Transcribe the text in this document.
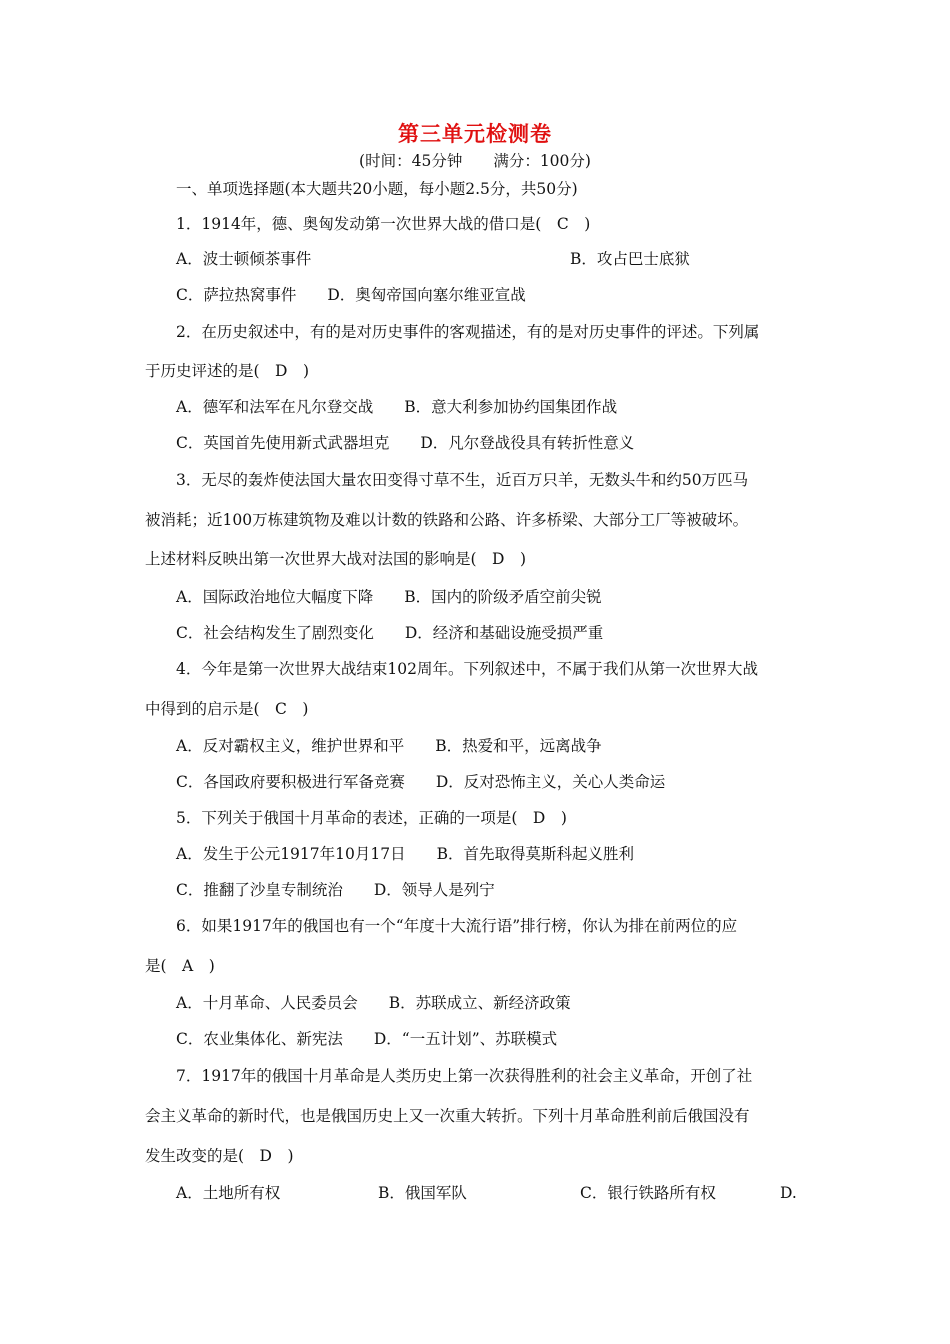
第三单元检测卷
(时间：45分钟　　满分：100分)
一、单项选择题(本大题共20小题，每小题2.5分，共50分)
1．1914年，德、奥匈发动第一次世界大战的借口是(　C　)
A．波士顿倾茶事件	B．攻占巴士底狱
C．萨拉热窝事件　　D．奥匈帝国向塞尔维亚宣战
2．在历史叙述中，有的是对历史事件的客观描述，有的是对历史事件的评述。下列属
于历史评述的是(　D　)
A．德军和法军在凡尔登交战　　B．意大利参加协约国集团作战
C．英国首先使用新式武器坦克　　D．凡尔登战役具有转折性意义
3．无尽的轰炸使法国大量农田变得寸草不生，近百万只羊，无数头牛和约50万匹马
被消耗；近100万栋建筑物及难以计数的铁路和公路、许多桥梁、大部分工厂等被破坏。
上述材料反映出第一次世界大战对法国的影响是(　D　)
A．国际政治地位大幅度下降　　B．国内的阶级矛盾空前尖锐
C．社会结构发生了剧烈变化　　D．经济和基础设施受损严重
4．今年是第一次世界大战结束102周年。下列叙述中，不属于我们从第一次世界大战
中得到的启示是(　C　)
A．反对霸权主义，维护世界和平　　B．热爱和平，远离战争
C．各国政府要积极进行军备竞赛　　D．反对恐怖主义，关心人类命运
5．下列关于俄国十月革命的表述，正确的一项是(　D　)
A．发生于公元1917年10月17日　　B．首先取得莫斯科起义胜利
C．推翻了沙皇专制统治　　D．领导人是列宁
6．如果1917年的俄国也有一个“年度十大流行语”排行榜，你认为排在前两位的应
是(　A　)
A．十月革命、人民委员会　　B．苏联成立、新经济政策
C．农业集体化、新宪法　　D．“一五计划”、苏联模式
7．1917年的俄国十月革命是人类历史上第一次获得胜利的社会主义革命，开创了社
会主义革命的新时代，也是俄国历史上又一次重大转折。下列十月革命胜利前后俄国没有
发生改变的是(　D　)
A．土地所有权	B．俄国军队	C．银行铁路所有权	D.
